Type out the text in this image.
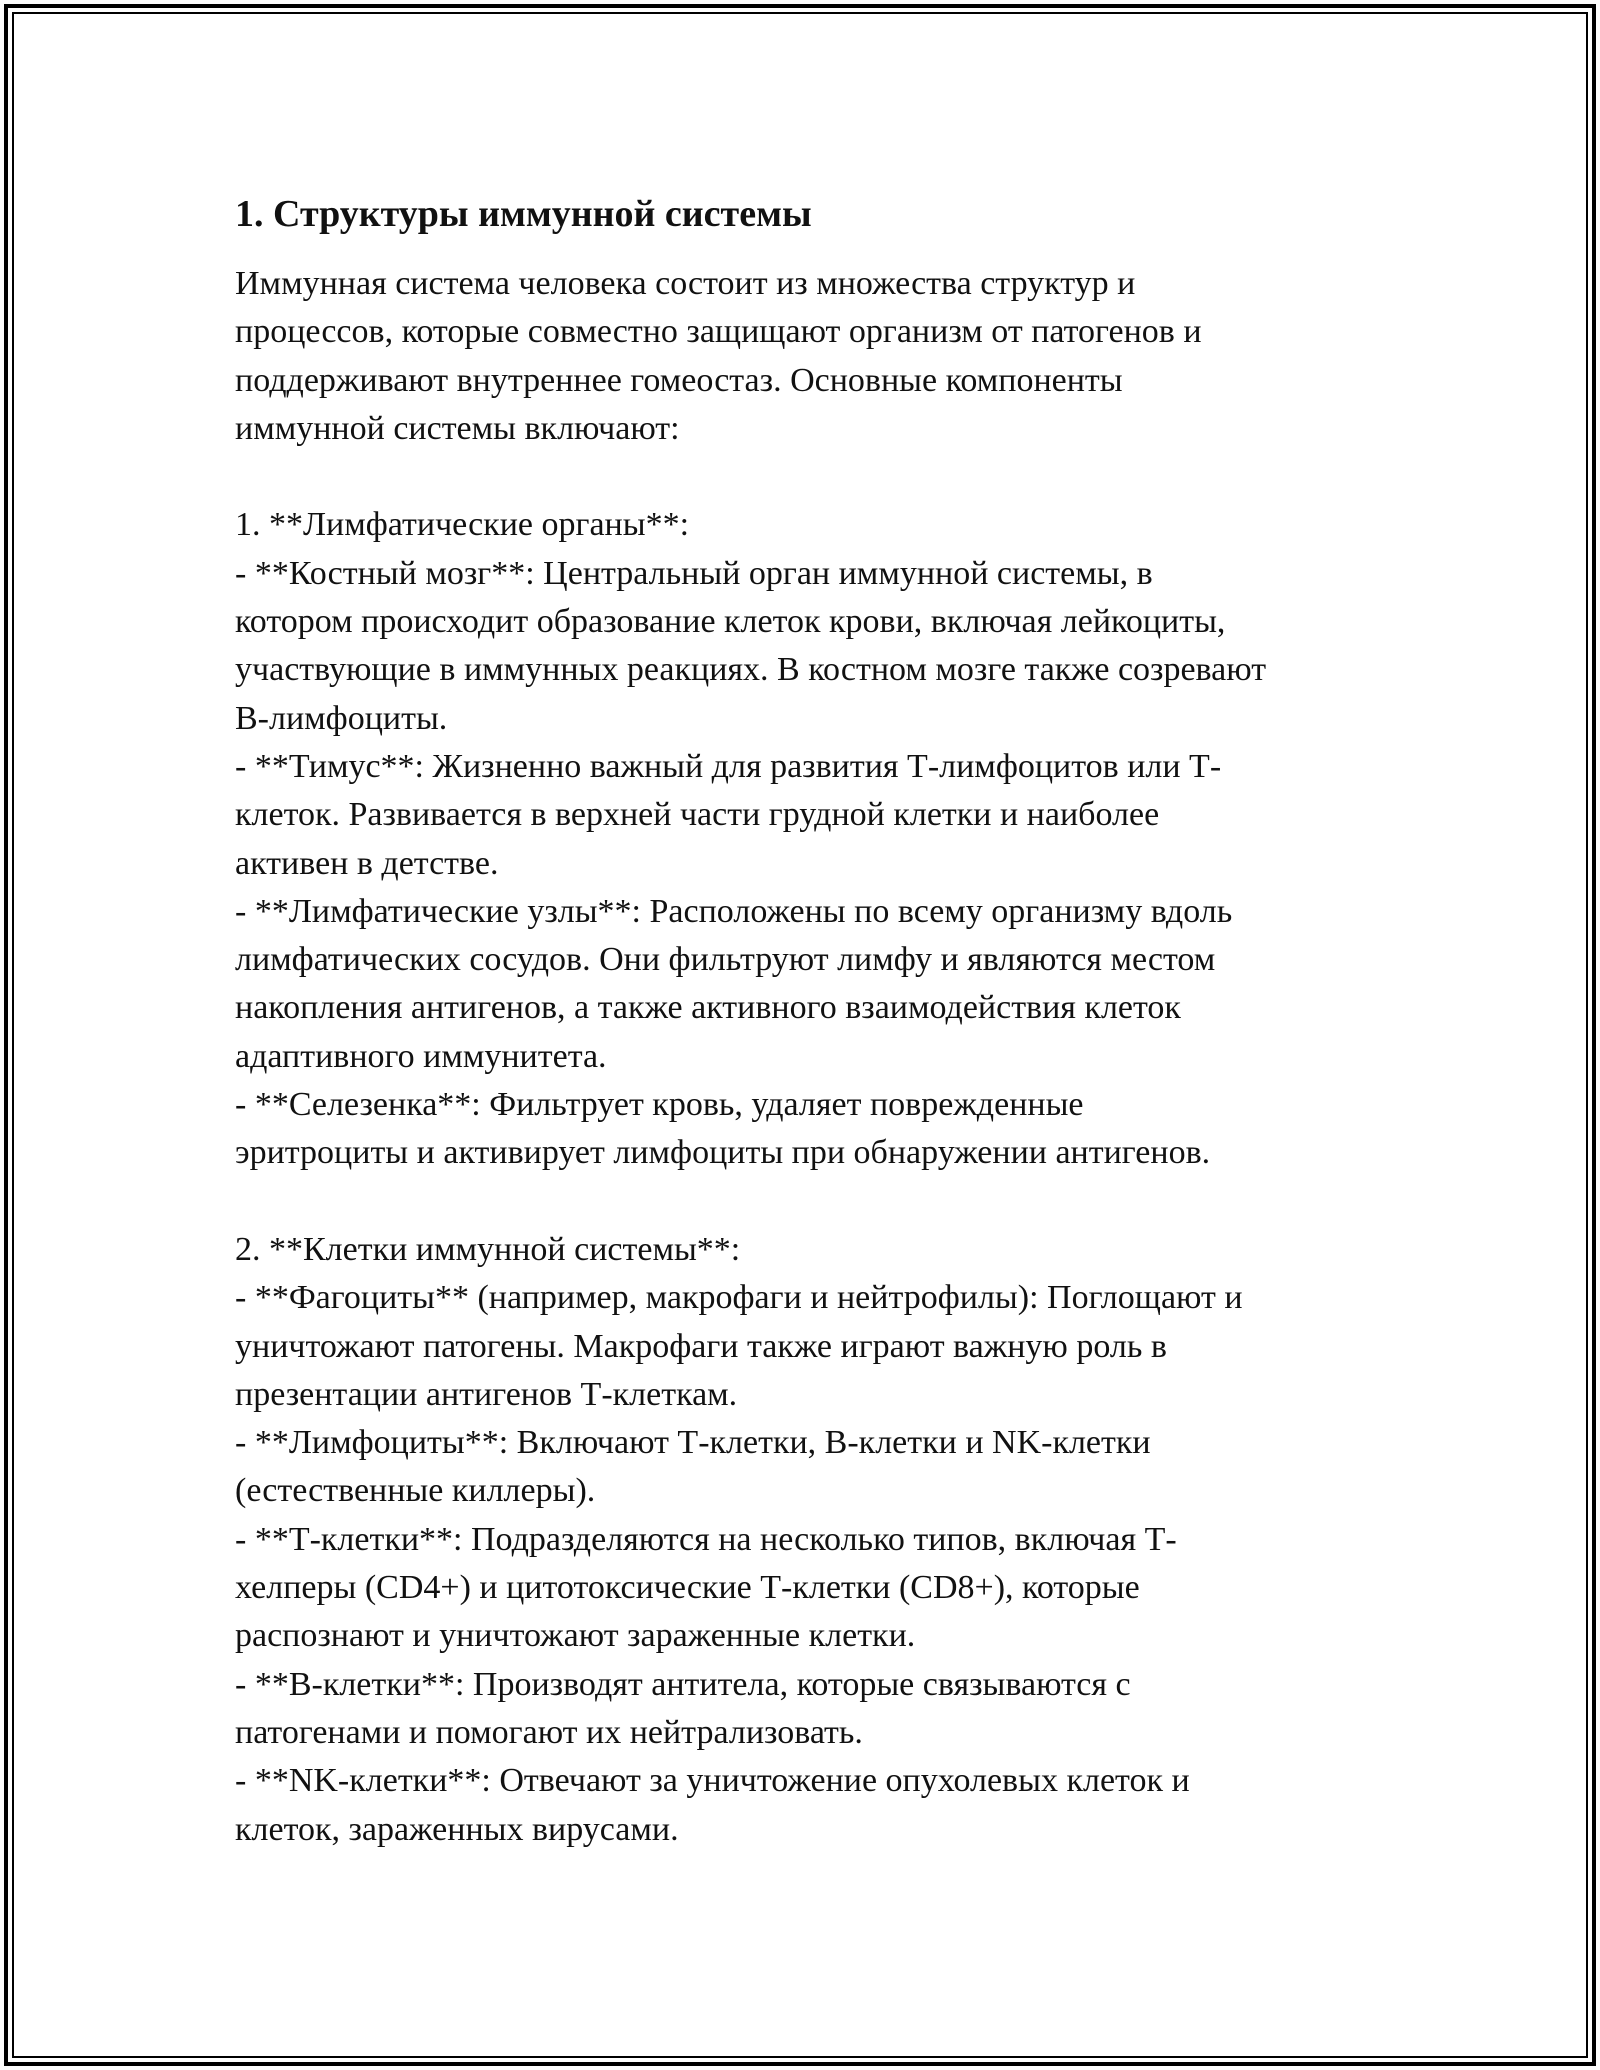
1. Структуры иммунной системы

Иммунная система человека состоит из множества структур и
процессов, которые совместно защищают организм от патогенов и
поддерживают внутреннее гомеостаз. Основные компоненты
иммунной системы включают:

1. **Лимфатические органы**:
- **Костный мозг**: Центральный орган иммунной системы, в
котором происходит образование клеток крови, включая лейкоциты,
участвующие в иммунных реакциях. В костном мозге также созревают
В-лимфоциты.
- **Тимус**: Жизненно важный для развития Т-лимфоцитов или Т-
клеток. Развивается в верхней части грудной клетки и наиболее
активен в детстве.
- **Лимфатические узлы**: Расположены по всему организму вдоль
лимфатических сосудов. Они фильтруют лимфу и являются местом
накопления антигенов, а также активного взаимодействия клеток
адаптивного иммунитета.
- **Селезенка**: Фильтрует кровь, удаляет поврежденные
эритроциты и активирует лимфоциты при обнаружении антигенов.

2. **Клетки иммунной системы**:
- **Фагоциты** (например, макрофаги и нейтрофилы): Поглощают и
уничтожают патогены. Макрофаги также играют важную роль в
презентации антигенов Т-клеткам.
- **Лимфоциты**: Включают Т-клетки, В-клетки и NK-клетки
(естественные киллеры).
- **Т-клетки**: Подразделяются на несколько типов, включая Т-
хелперы (CD4+) и цитотоксические Т-клетки (CD8+), которые
распознают и уничтожают зараженные клетки.
- **В-клетки**: Производят антитела, которые связываются с
патогенами и помогают их нейтрализовать.
- **NK-клетки**: Отвечают за уничтожение опухолевых клеток и
клеток, зараженных вирусами.
